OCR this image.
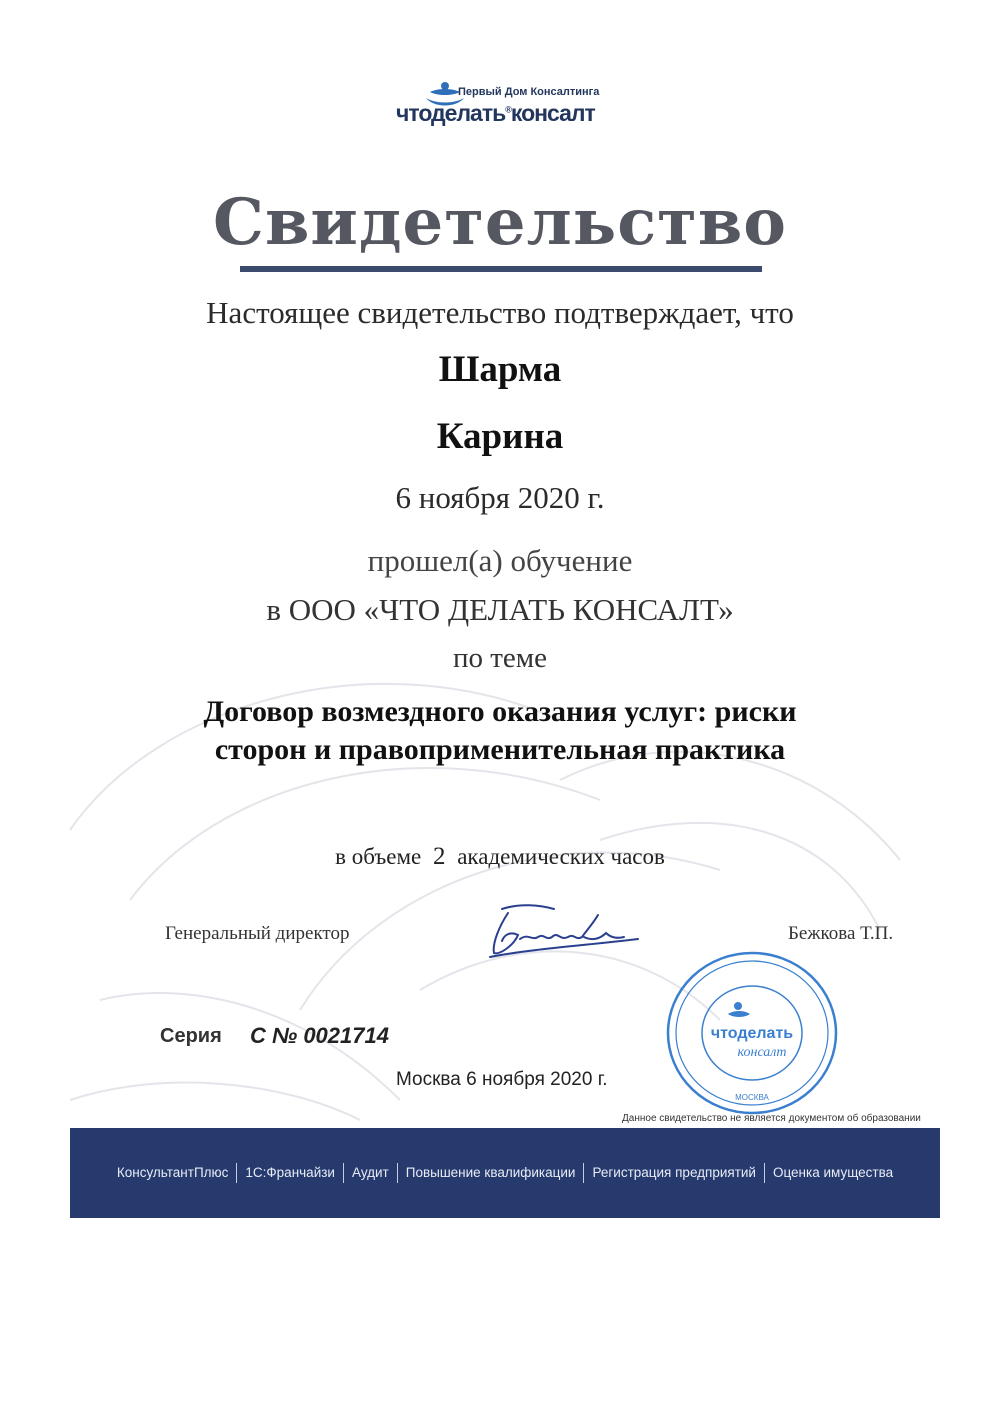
Первый Дом Консалтинга
чтоделать®консалт
Свидетельство
Настоящее свидетельство подтверждает, что
Шарма
Карина
6 ноября 2020 г.
прошел(а) обучение
в ООО «ЧТО ДЕЛАТЬ КОНСАЛТ»
по теме
Договор возмездного оказания услуг: риски
сторон и правоприменительная практика
в объеме 2 академических часов
Генеральный директор	Бежкова Т.П.
Серия С № 0021714
Москва 6 ноября 2020 г.
чтоделать
консалт
МОСКВА
Данное свидетельство не является документом об образовании
КонсультантПлюс	1С:Франчайзи	Аудит	Повышение квалификации	Регистрация предприятий	Оценка имущества
